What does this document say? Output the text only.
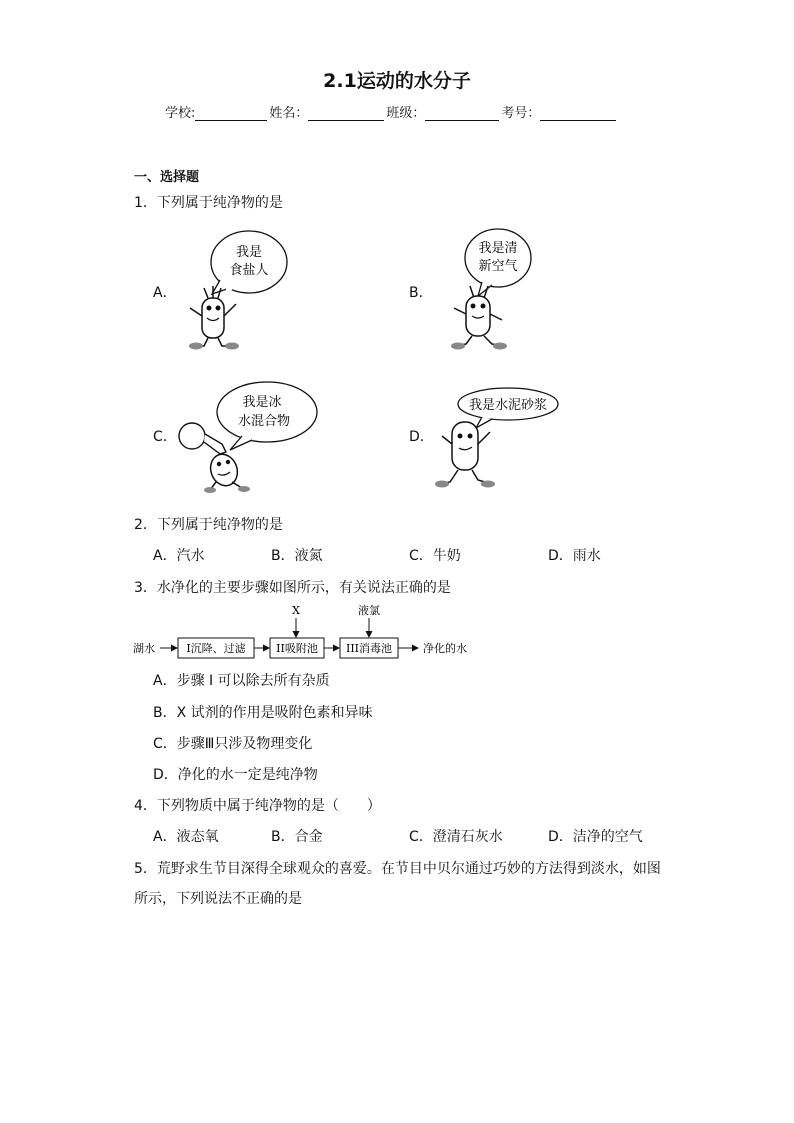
2.1运动的水分子
学校:	姓名：	班级：	考号：
一、选择题
1．下列属于纯净物的是
A．
我是
食盐人
B．
我是清
新空气
C．
我是冰
水混合物
D．
我是水泥砂浆
2．下列属于纯净物的是
A．汽水	B．液氮	C．牛奶	D．雨水
3．水净化的主要步骤如图所示，有关说法正确的是
湖水	I沉降、过滤	II吸附池
X
III消毒池
液氯
净化的水
A．步骤 I 可以除去所有杂质
B．X 试剂的作用是吸附色素和异味
C．步骤Ⅲ只涉及物理变化
D．净化的水一定是纯净物
4．下列物质中属于纯净物的是（　　）
A．液态氧	B．合金	C．澄清石灰水	D．洁净的空气
5．荒野求生节目深得全球观众的喜爱。在节目中贝尔通过巧妙的方法得到淡水，如图
所示，下列说法不正确的是
